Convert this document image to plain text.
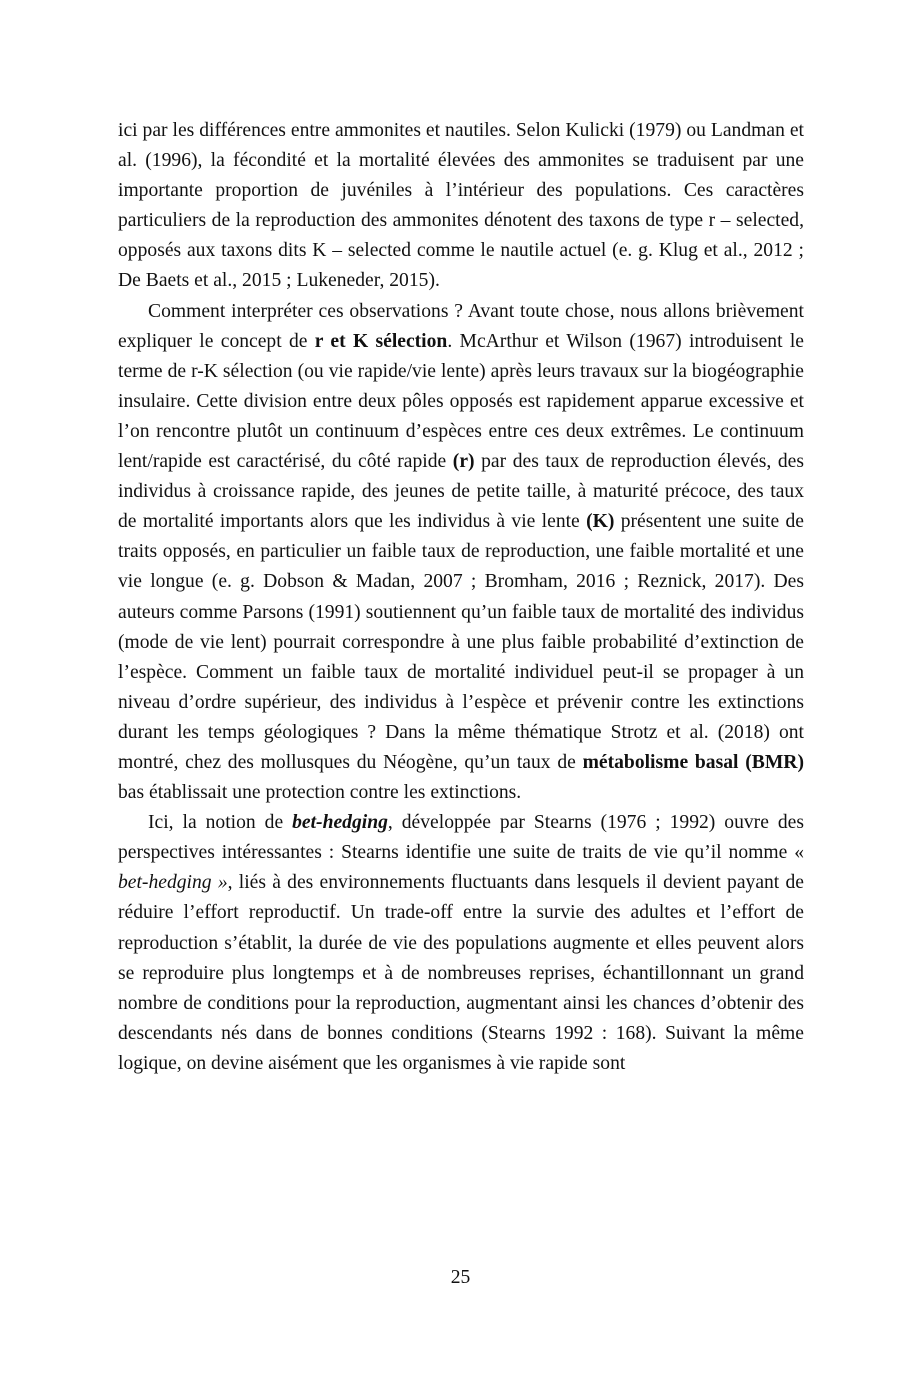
ici par les différences entre ammonites et nautiles. Selon Kulicki (1979) ou Landman et al. (1996), la fécondité et la mortalité élevées des ammonites se traduisent par une importante proportion de juvéniles à l’intérieur des populations. Ces caractères particuliers de la reproduction des ammonites dénotent des taxons de type r – selected, opposés aux taxons dits K – selected comme le nautile actuel (e. g. Klug et al., 2012 ; De Baets et al., 2015 ; Lukeneder, 2015).

Comment interpréter ces observations ? Avant toute chose, nous allons brièvement expliquer le concept de r et K sélection. McArthur et Wilson (1967) introduisent le terme de r-K sélection (ou vie rapide/vie lente) après leurs travaux sur la biogéographie insulaire. Cette division entre deux pôles opposés est rapidement apparue excessive et l’on rencontre plutôt un continuum d’espèces entre ces deux extrêmes. Le continuum lent/rapide est caractérisé, du côté rapide (r) par des taux de reproduction élevés, des individus à croissance rapide, des jeunes de petite taille, à maturité précoce, des taux de mortalité importants alors que les individus à vie lente (K) présentent une suite de traits opposés, en particulier un faible taux de reproduction, une faible mortalité et une vie longue (e. g. Dobson & Madan, 2007 ; Bromham, 2016 ; Reznick, 2017). Des auteurs comme Parsons (1991) soutiennent qu’un faible taux de mortalité des individus (mode de vie lent) pourrait correspondre à une plus faible probabilité d’extinction de l’espèce. Comment un faible taux de mortalité individuel peut-il se propager à un niveau d’ordre supérieur, des individus à l’espèce et prévenir contre les extinctions durant les temps géologiques ? Dans la même thématique Strotz et al. (2018) ont montré, chez des mollusques du Néogène, qu’un taux de métabolisme basal (BMR) bas établissait une protection contre les extinctions.

Ici, la notion de bet-hedging, développée par Stearns (1976 ; 1992) ouvre des perspectives intéressantes : Stearns identifie une suite de traits de vie qu’il nomme « bet-hedging », liés à des environnements fluctuants dans lesquels il devient payant de réduire l’effort reproductif. Un trade-off entre la survie des adultes et l’effort de reproduction s’établit, la durée de vie des populations augmente et elles peuvent alors se reproduire plus longtemps et à de nombreuses reprises, échantillonnant un grand nombre de conditions pour la reproduction, augmentant ainsi les chances d’obtenir des descendants nés dans de bonnes conditions (Stearns 1992 : 168). Suivant la même logique, on devine aisément que les organismes à vie rapide sont

25
